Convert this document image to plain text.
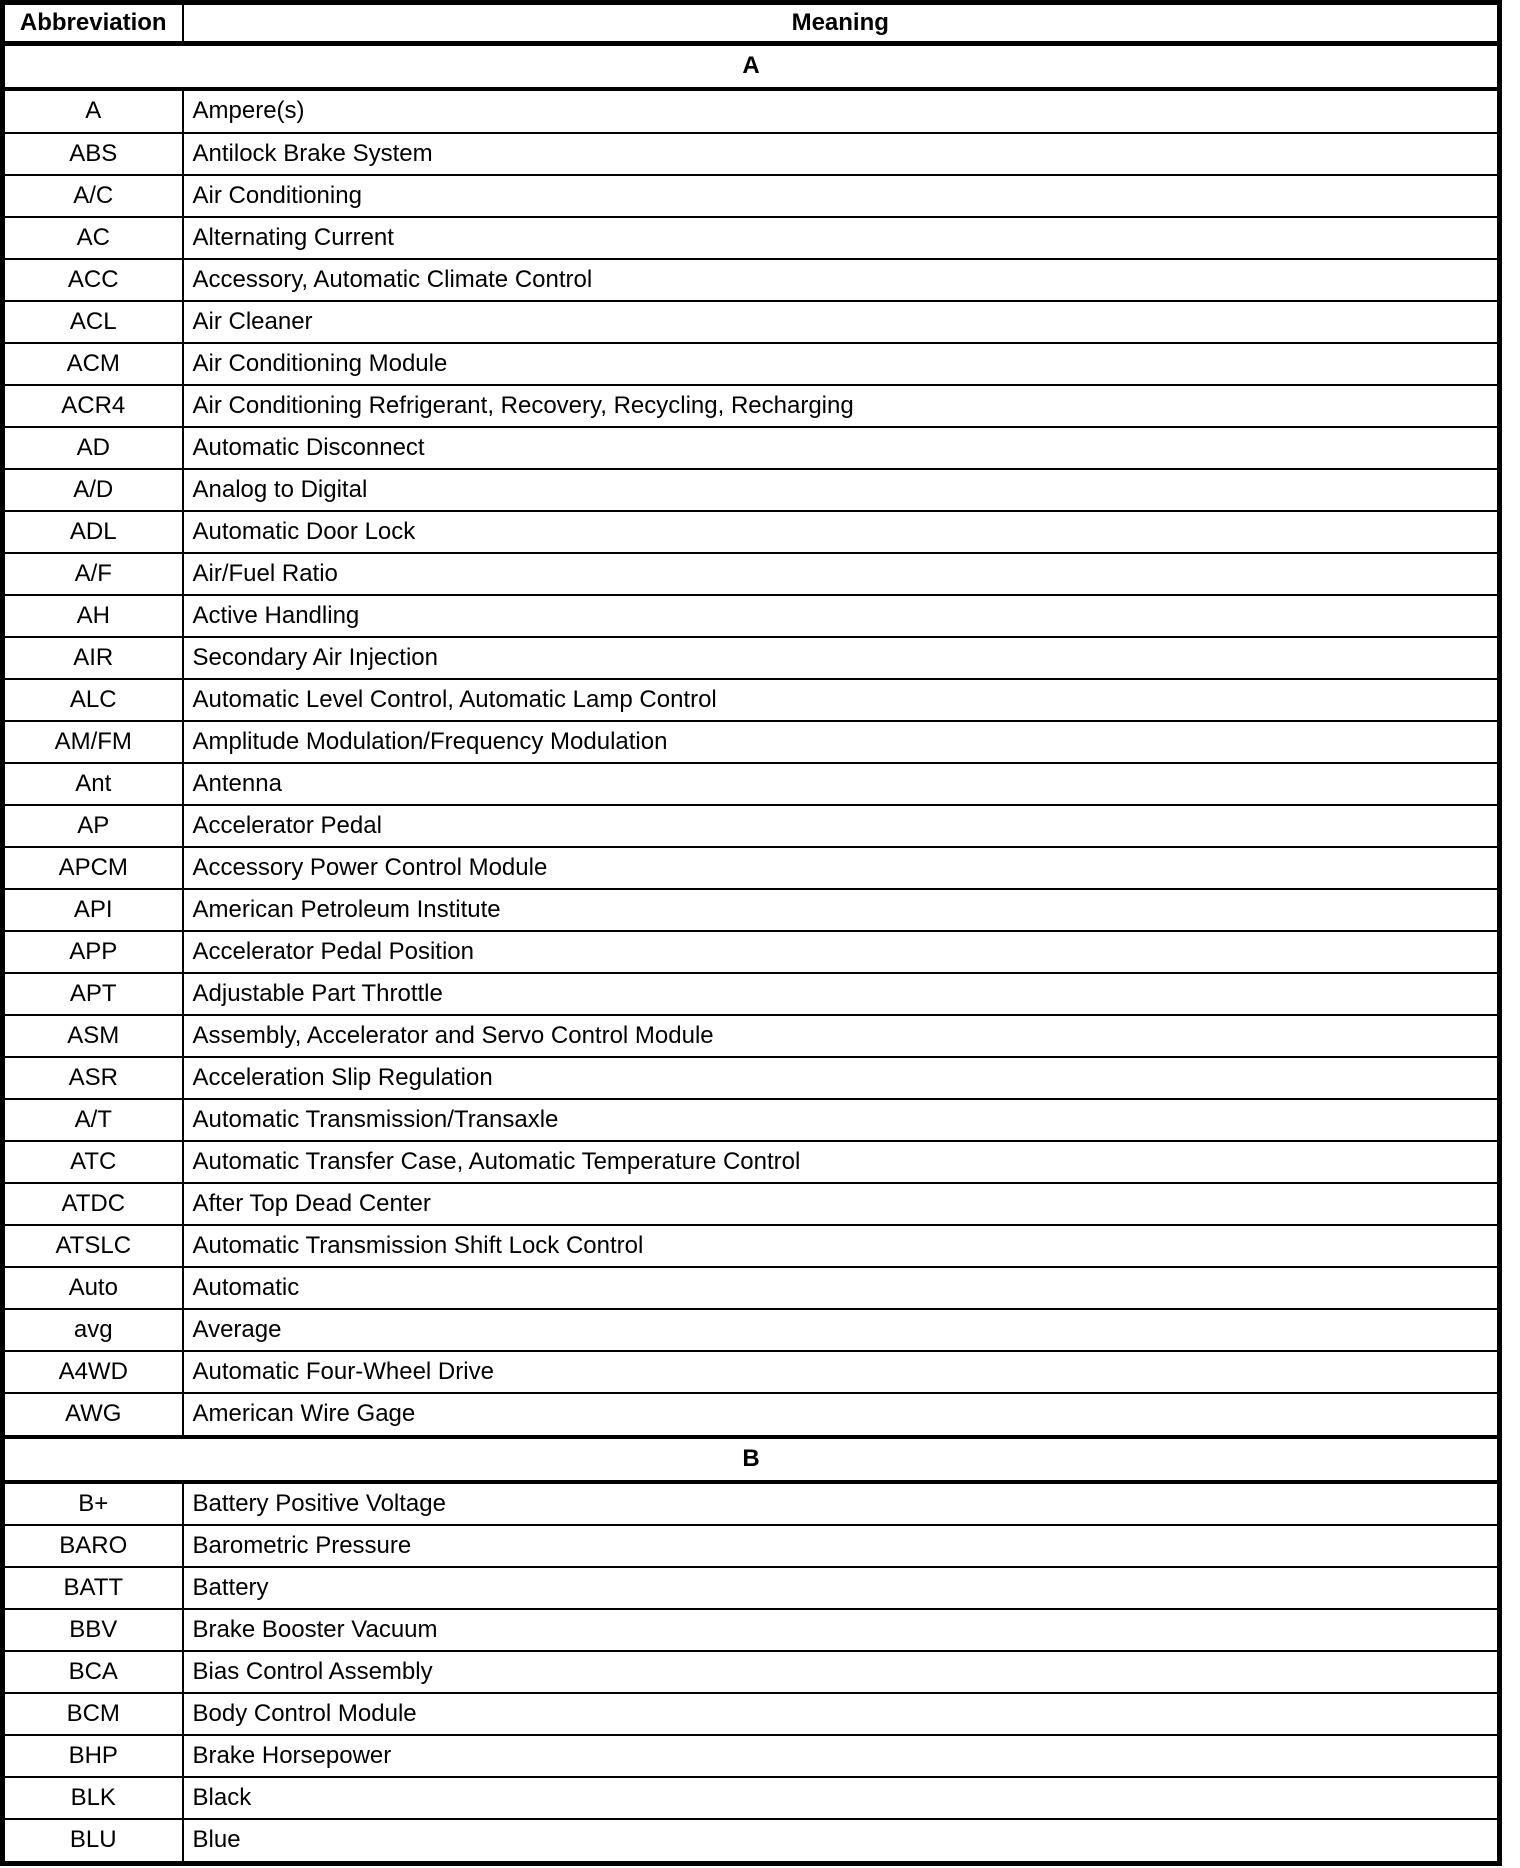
Abbreviation	Meaning
A	
A	Ampere(s)
ABS	Antilock Brake System
A/C	Air Conditioning
AC	Alternating Current
ACC	Accessory, Automatic Climate Control
ACL	Air Cleaner
ACM	Air Conditioning Module
ACR4	Air Conditioning Refrigerant, Recovery, Recycling, Recharging
AD	Automatic Disconnect
A/D	Analog to Digital
ADL	Automatic Door Lock
A/F	Air/Fuel Ratio
AH	Active Handling
AIR	Secondary Air Injection
ALC	Automatic Level Control, Automatic Lamp Control
AM/FM	Amplitude Modulation/Frequency Modulation
Ant	Antenna
AP	Accelerator Pedal
APCM	Accessory Power Control Module
API	American Petroleum Institute
APP	Accelerator Pedal Position
APT	Adjustable Part Throttle
ASM	Assembly, Accelerator and Servo Control Module
ASR	Acceleration Slip Regulation
A/T	Automatic Transmission/Transaxle
ATC	Automatic Transfer Case, Automatic Temperature Control
ATDC	After Top Dead Center
ATSLC	Automatic Transmission Shift Lock Control
Auto	Automatic
avg	Average
A4WD	Automatic Four-Wheel Drive
AWG	American Wire Gage
B	
B+	Battery Positive Voltage
BARO	Barometric Pressure
BATT	Battery
BBV	Brake Booster Vacuum
BCA	Bias Control Assembly
BCM	Body Control Module
BHP	Brake Horsepower
BLK	Black
BLU	Blue
